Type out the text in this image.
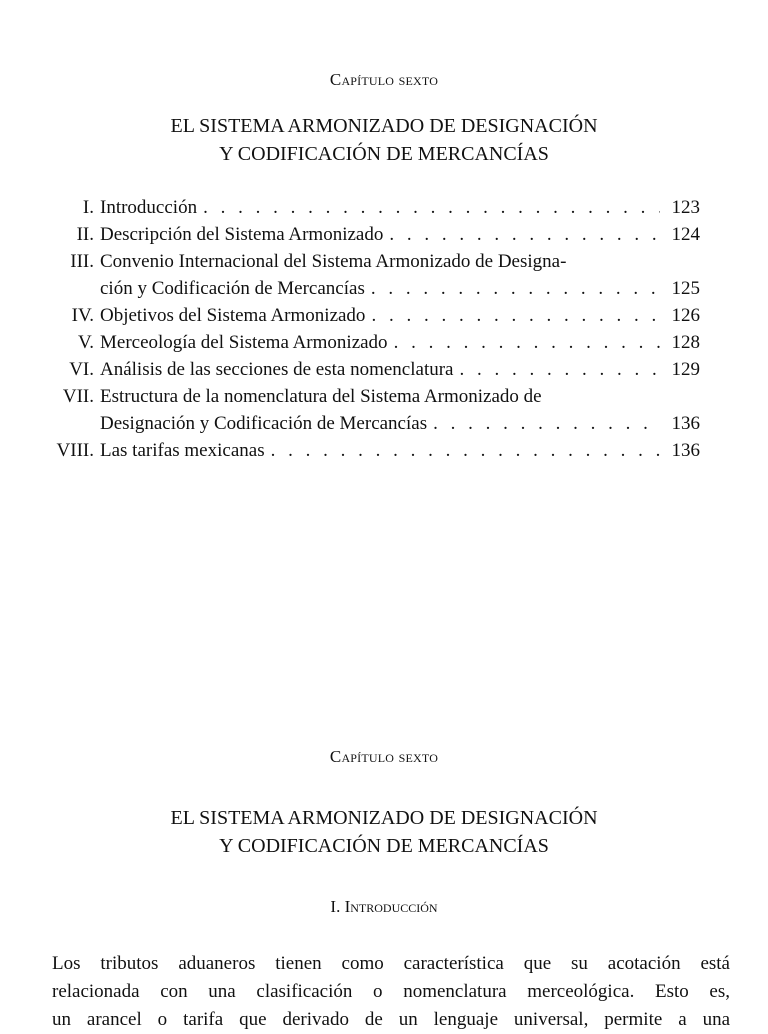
Capítulo sexto
EL SISTEMA ARMONIZADO DE DESIGNACIÓN
Y CODIFICACIÓN DE MERCANCÍAS
I. Introducción . . .	123
II. Descripción del Sistema Armonizado . . .	124
III. Convenio Internacional del Sistema Armonizado de Designa-
ción y Codificación de Mercancías . . .	125
IV. Objetivos del Sistema Armonizado . . .	126
V. Merceología del Sistema Armonizado . . .	128
VI. Análisis de las secciones de esta nomenclatura . . .	129
VII. Estructura de la nomenclatura del Sistema Armonizado de
Designación y Codificación de Mercancías . . .	136
VIII. Las tarifas mexicanas . . .	136
Capítulo sexto
EL SISTEMA ARMONIZADO DE DESIGNACIÓN
Y CODIFICACIÓN DE MERCANCÍAS
I. Introducción
Los tributos aduaneros tienen como característica que su acotación está
relacionada con una clasificación o nomenclatura merceológica. Esto es,
un arancel o tarifa que derivado de un lenguaje universal, permite a una
